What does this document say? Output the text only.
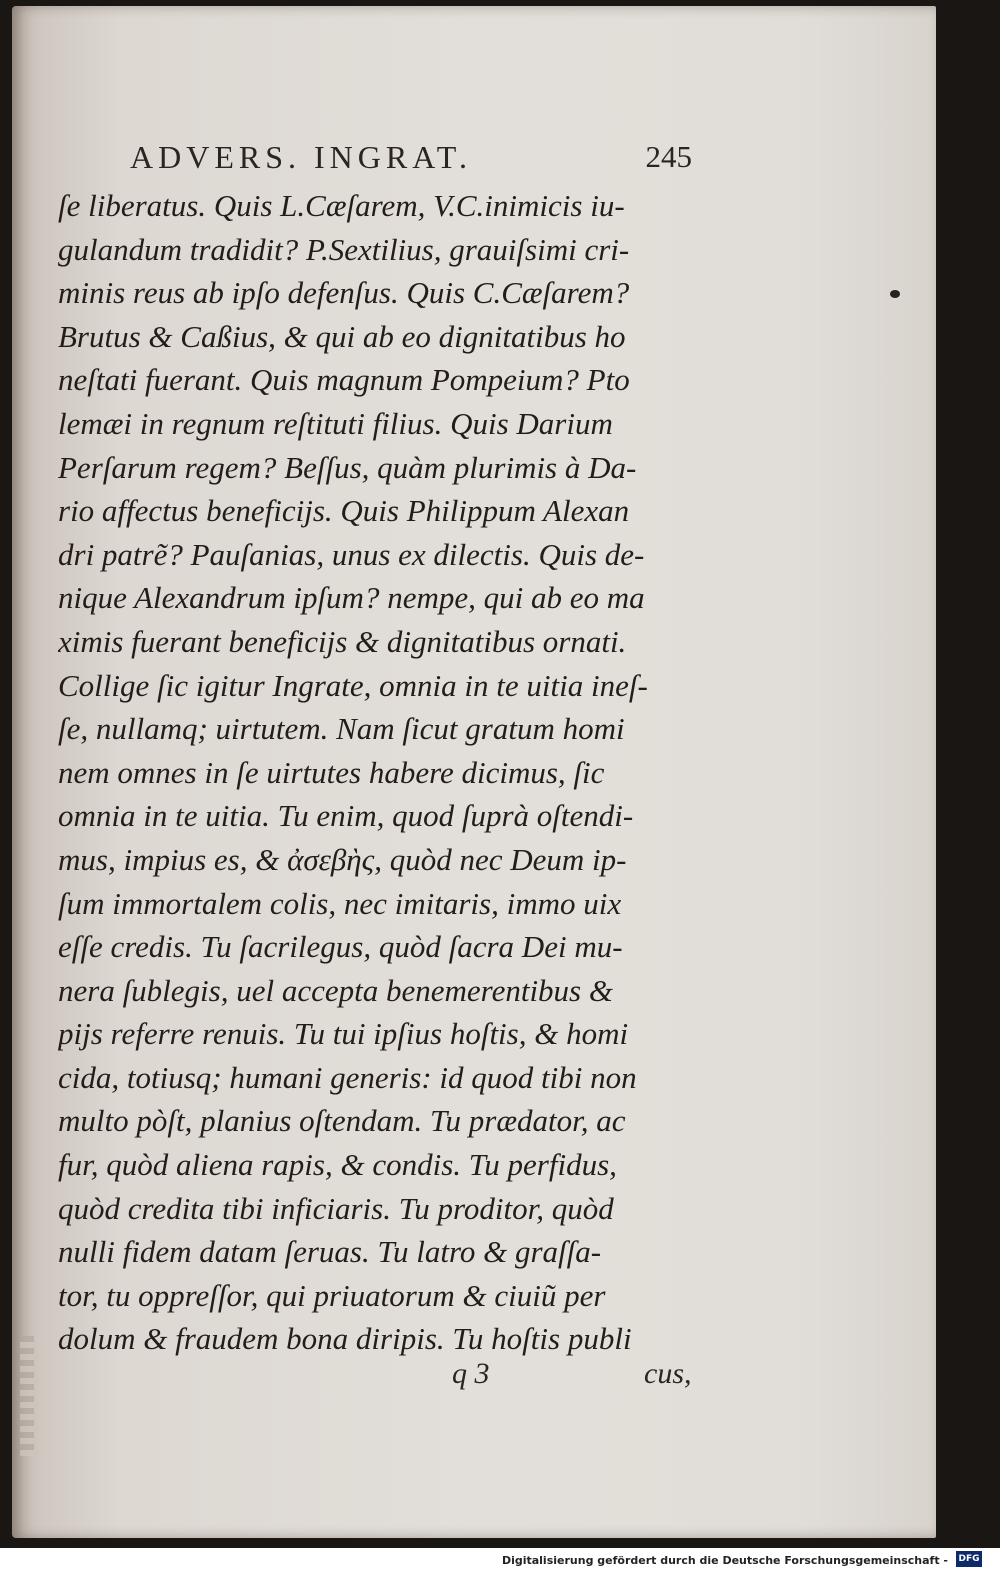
ADVERS. INGRAT.	245
ſe liberatus. Quis L.Cæſarem, V.C.inimicis iu-
gulandum tradidit? P.Sextilius, grauiſsimi cri-
minis reus ab ipſo defenſus. Quis C.Cæſarem?
Brutus & Caßius, & qui ab eo dignitatibus ho
neſtati fuerant. Quis magnum Pompeium? Pto
lemæi in regnum reſtituti filius. Quis Darium
Perſarum regem? Beſſus, quàm plurimis à Da-
rio affectus beneficijs. Quis Philippum Alexan
dri patrẽ? Pauſanias, unus ex dilectis. Quis de-
nique Alexandrum ipſum? nempe, qui ab eo ma
ximis fuerant beneficijs & dignitatibus ornati.
Collige ſic igitur Ingrate, omnia in te uitia ineſ-
ſe, nullamq; uirtutem. Nam ſicut gratum homi
nem omnes in ſe uirtutes habere dicimus, ſic
omnia in te uitia. Tu enim, quod ſuprà oſtendi-
mus, impius es, & ἀσεβὴς, quòd nec Deum ip-
ſum immortalem colis, nec imitaris, immo uix
eſſe credis. Tu ſacrilegus, quòd ſacra Dei mu-
nera ſublegis, uel accepta benemerentibus &
pijs referre renuis. Tu tui ipſius hoſtis, & homi
cida, totiusq; humani generis: id quod tibi non
multo pòſt, planius oſtendam. Tu prædator, ac
fur, quòd aliena rapis, & condis. Tu perfidus,
quòd credita tibi inficiaris. Tu proditor, quòd
nulli fidem datam ſeruas. Tu latro & graſſa-
tor, tu oppreſſor, qui priuatorum & ciuiũ per
dolum & fraudem bona diripis. Tu hoſtis publi
q 3	cus,
Digitalisierung gefördert durch die Deutsche Forschungsgemeinschaft - DFG
